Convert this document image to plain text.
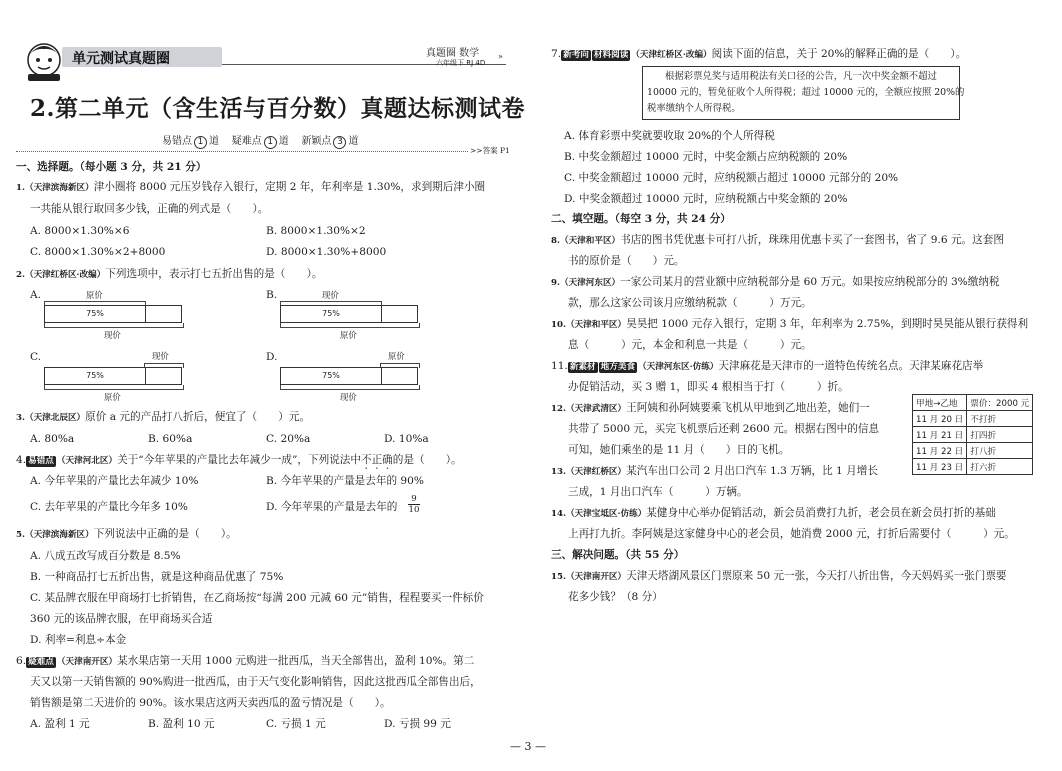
单元测试真题圈	真题圈 数学
六年级下 RJ 4D
»
2.第二单元（含生活与百分数）真题达标测试卷
易错点 1 道 疑难点 1 道 新颖点 3 道
>>答案 P1
一、选择题。（每小题 3 分，共 21 分）
1.（天津滨海新区）津小圈将 8000 元压岁钱存入银行，定期 2 年，年利率是 1.30%，求到期后津小圈
一共能从银行取回多少钱，正确的列式是（　　）。
A. 8000×1.30%×6	B. 8000×1.30%×2
C. 8000×1.30%×2+8000	D. 8000×1.30%+8000
2.（天津红桥区·改编）下列选项中，表示打七五折出售的是（　　）。
A.	原价
75%
现价
B.	现价
75%
原价
C.	现价
75%
原价
D.	原价
75%
现价
3.（天津北辰区）原价 a 元的产品打八折后，便宜了（　　）元。
A. 80%a	B. 60%a	C. 20%a	D. 10%a
4. 易错点 （天津河北区）关于“今年苹果的产量比去年减少一成”，下列说法中不正确的是（　　）。
A. 今年苹果的产量比去年减少 10%	B. 今年苹果的产量是去年的 90%
C. 去年苹果的产量比今年多 10%	D. 今年苹果的产量是去年的 $\frac{9}{10}$
5.（天津滨海新区）下列说法中正确的是（　　）。
A. 八成五改写成百分数是 8.5%
B. 一种商品打七五折出售，就是这种商品优惠了 75%
C. 某品牌衣服在甲商场打七折销售，在乙商场按“每满 200 元减 60 元”销售，程程要买一件标价
360 元的该品牌衣服，在甲商场买合适
D. 利率=利息÷本金
6. 疑难点 （天津南开区）某水果店第一天用 1000 元购进一批西瓜，当天全部售出，盈利 10%。第二
天又以第一天销售额的 90%购进一批西瓜，由于天气变化影响销售，因此这批西瓜全部售出后，
销售额是第二天进价的 90%。该水果店这两天卖西瓜的盈亏情况是（　　）。
A. 盈利 1 元	B. 盈利 10 元	C. 亏损 1 元	D. 亏损 99 元
7. 新考向 材料阅读 （天津红桥区·改编）阅读下面的信息，关于 20%的解释正确的是（　　）。
根据彩票兑奖与适用税法有关口径的公告，凡一次中奖金额不超过
10000 元的，暂免征收个人所得税；超过 10000 元的，全额应按照 20%的
税率缴纳个人所得税。
A. 体育彩票中奖就要收取 20%的个人所得税
B. 中奖金额超过 10000 元时，中奖金额占应纳税额的 20%
C. 中奖金额超过 10000 元时，应纳税额占超过 10000 元部分的 20%
D. 中奖金额超过 10000 元时，应纳税额占中奖金额的 20%
二、填空题。（每空 3 分，共 24 分）
8.（天津和平区）书店的图书凭优惠卡可打八折，珠珠用优惠卡买了一套图书，省了 9.6 元。这套图
书的原价是（　　）元。
9.（天津河东区）一家公司某月的营业额中应纳税部分是 60 万元。如果按应纳税部分的 3%缴纳税
款，那么这家公司该月应缴纳税款（　　　）万元。
10.（天津和平区）昊昊把 1000 元存入银行，定期 3 年，年利率为 2.75%，到期时昊昊能从银行获得利
息（　　　）元，本金和利息一共是（　　　）元。
11. 新素材 地方美食 （天津河东区·仿练）天津麻花是天津市的一道特色传统名点。天津某麻花店举
办促销活动，买 3 赠 1，即买 4 根相当于打（　　　）折。
12.（天津武清区）王阿姨和孙阿姨要乘飞机从甲地到乙地出差，她们一
共带了 5000 元，买完飞机票后还剩 2600 元。根据右图中的信息
可知，她们乘坐的是 11 月（　　）日的飞机。
甲地→乙地	票价：2000 元
11 月 20 日	不打折
11 月 21 日	打四折
11 月 22 日	打八折
11 月 23 日	打六折
13.（天津红桥区）某汽车出口公司 2 月出口汽车 1.3 万辆，比 1 月增长
三成，1 月出口汽车（　　　）万辆。
14.（天津宝坻区·仿练）某健身中心举办促销活动，新会员消费打九折，老会员在新会员打折的基础
上再打九折。李阿姨是这家健身中心的老会员，她消费 2000 元，打折后需要付（　　　）元。
三、解决问题。（共 55 分）
15.（天津南开区）天津天塔湖风景区门票原来 50 元一张，今天打八折出售，今天妈妈买一张门票要
花多少钱？（8 分）
— 3 —
